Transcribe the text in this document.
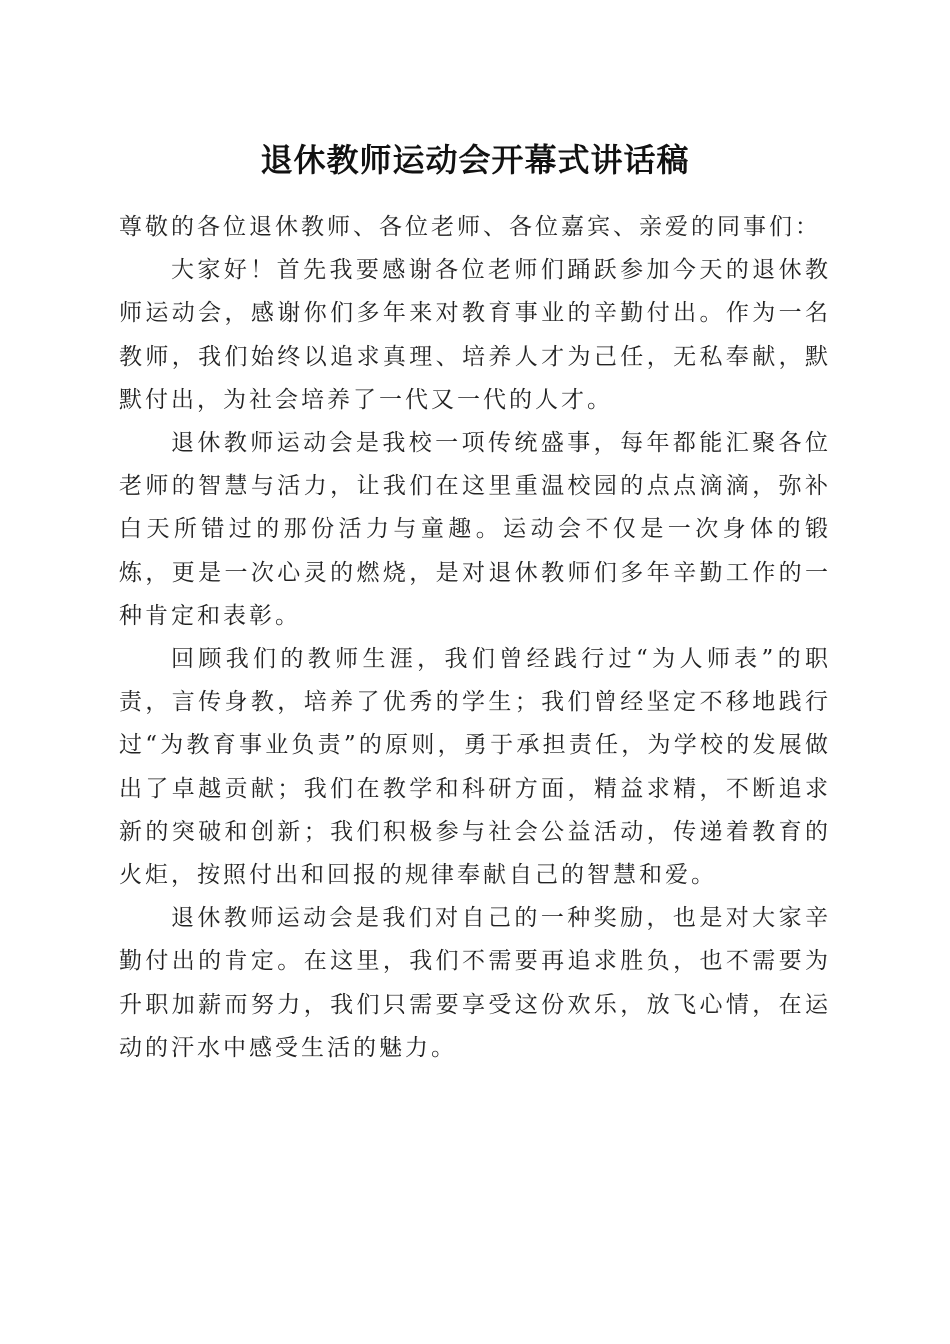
退休教师运动会开幕式讲话稿

尊敬的各位退休教师、各位老师、各位嘉宾、亲爱的同事们：

大家好！首先我要感谢各位老师们踊跃参加今天的退休教师运动会，感谢你们多年来对教育事业的辛勤付出。作为一名教师，我们始终以追求真理、培养人才为己任，无私奉献，默默付出，为社会培养了一代又一代的人才。

退休教师运动会是我校一项传统盛事，每年都能汇聚各位老师的智慧与活力，让我们在这里重温校园的点点滴滴，弥补白天所错过的那份活力与童趣。运动会不仅是一次身体的锻炼，更是一次心灵的燃烧，是对退休教师们多年辛勤工作的一种肯定和表彰。

回顾我们的教师生涯，我们曾经践行过“为人师表”的职责，言传身教，培养了优秀的学生；我们曾经坚定不移地践行过“为教育事业负责”的原则，勇于承担责任，为学校的发展做出了卓越贡献；我们在教学和科研方面，精益求精，不断追求新的突破和创新；我们积极参与社会公益活动，传递着教育的火炬，按照付出和回报的规律奉献自己的智慧和爱。

退休教师运动会是我们对自己的一种奖励，也是对大家辛勤付出的肯定。在这里，我们不需要再追求胜负，也不需要为升职加薪而努力，我们只需要享受这份欢乐，放飞心情，在运动的汗水中感受生活的魅力。
